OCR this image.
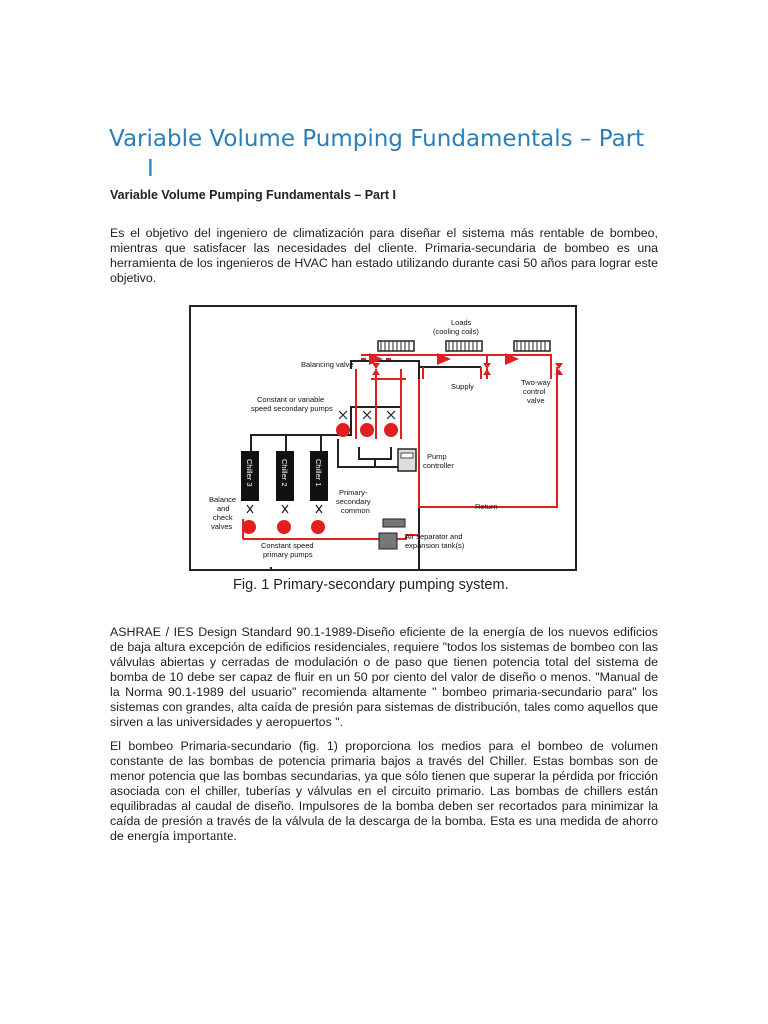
Variable Volume Pumping Fundamentals – Part
I

Variable Volume Pumping Fundamentals – Part I

Es el objetivo del ingeniero de climatización para diseñar el sistema más rentable de bombeo, mientras que satisfacer las necesidades del cliente. Primaria-secundaria de bombeo es una herramienta de los ingenieros de HVAC han estado utilizando durante casi 50 años para lograr este objetivo.

Chiller 3	Chiller 2	Chiller 1
Loads
(cooling coils)
Balancing valve
Supply	Two-way
control
valve
Constant or variable
speed secondary pumps
Pump
controller
Balance
and
check
valves
Primary-
secondary
common	Return
Air separator and
expansion tank(s)
Constant speed
primary pumps

Fig. 1 Primary-secondary pumping system.

ASHRAE / IES Design Standard 90.1-1989-Diseño eficiente de la energía de los nuevos edificios de baja altura excepción de edificios residenciales, requiere "todos los sistemas de bombeo con las válvulas abiertas y cerradas de modulación o de paso que tienen potencia total del sistema de bomba de 10 debe ser capaz de fluir en un 50 por ciento del valor de diseño o menos. "Manual de la Norma 90.1-1989 del usuario" recomienda altamente " bombeo primaria-secundario para" los sistemas con grandes, alta caída de presión para sistemas de distribución, tales como aquellos que sirven a las universidades y aeropuertos ".

El bombeo Primaria-secundario (fig. 1) proporciona los medios para el bombeo de volumen constante de las bombas de potencia primaria bajos a través del Chiller. Estas bombas son de menor potencia que las bombas secundarias, ya que sólo tienen que superar la pérdida por fricción asociada con el chiller, tuberías y válvulas en el circuito primario. Las bombas de chillers están equilibradas al caudal de diseño. Impulsores de la bomba deben ser recortados para minimizar la caída de presión a través de la válvula de la descarga de la bomba. Esta es una medida de ahorro de energía importante.
